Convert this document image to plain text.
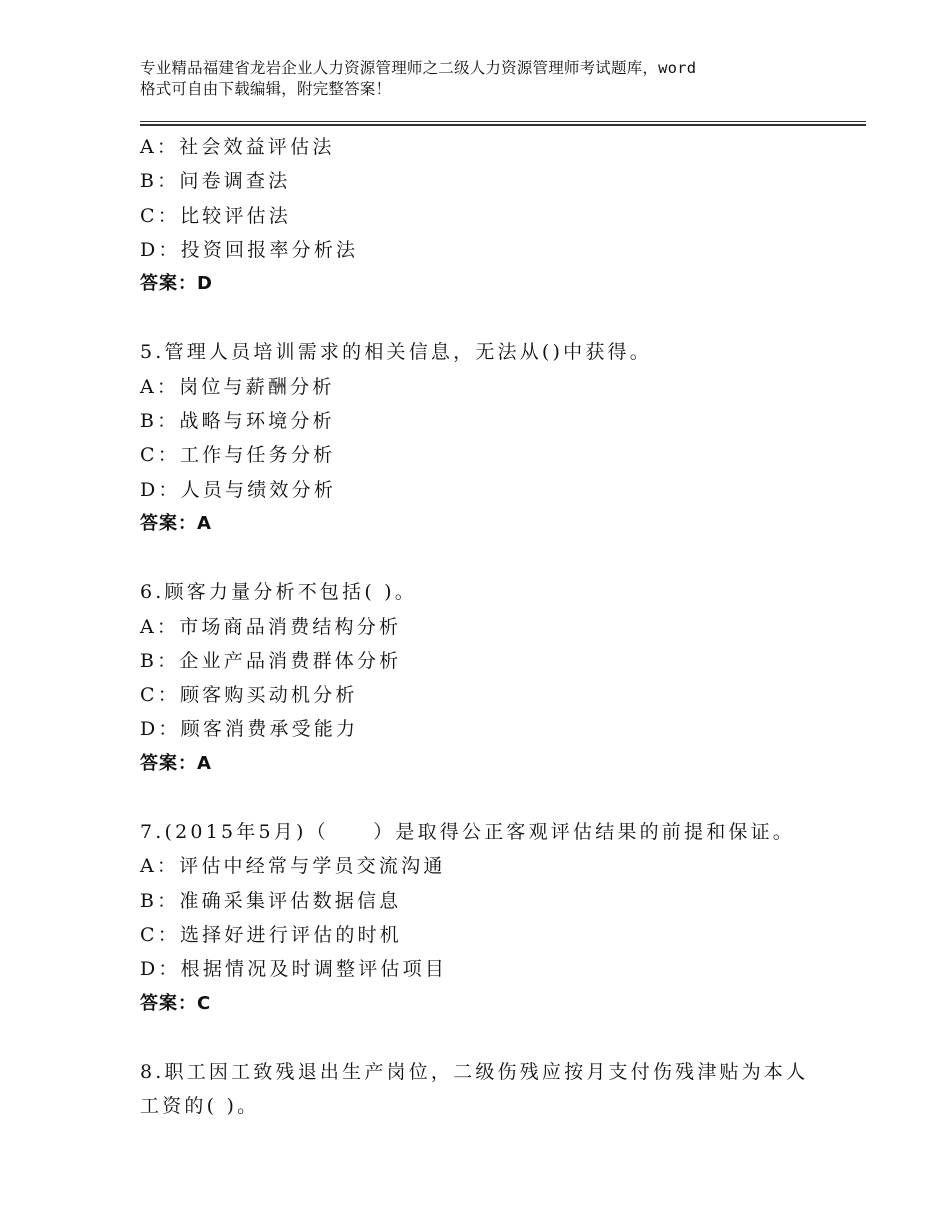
专业精品福建省龙岩企业人力资源管理师之二级人力资源管理师考试题库，word
格式可自由下载编辑，附完整答案！
A：社会效益评估法
B：问卷调查法
C：比较评估法
D：投资回报率分析法
答案：D
5.管理人员培训需求的相关信息，无法从()中获得。
A：岗位与薪酬分析
B：战略与环境分析
C：工作与任务分析
D：人员与绩效分析
答案：A
6.顾客力量分析不包括( )。
A：市场商品消费结构分析
B：企业产品消费群体分析
C：顾客购买动机分析
D：顾客消费承受能力
答案：A
7.(2015年5月)（　　）是取得公正客观评估结果的前提和保证。
A：评估中经常与学员交流沟通
B：准确采集评估数据信息
C：选择好进行评估的时机
D：根据情况及时调整评估项目
答案：C
8.职工因工致残退出生产岗位，二级伤残应按月支付伤残津贴为本人
工资的( )。
